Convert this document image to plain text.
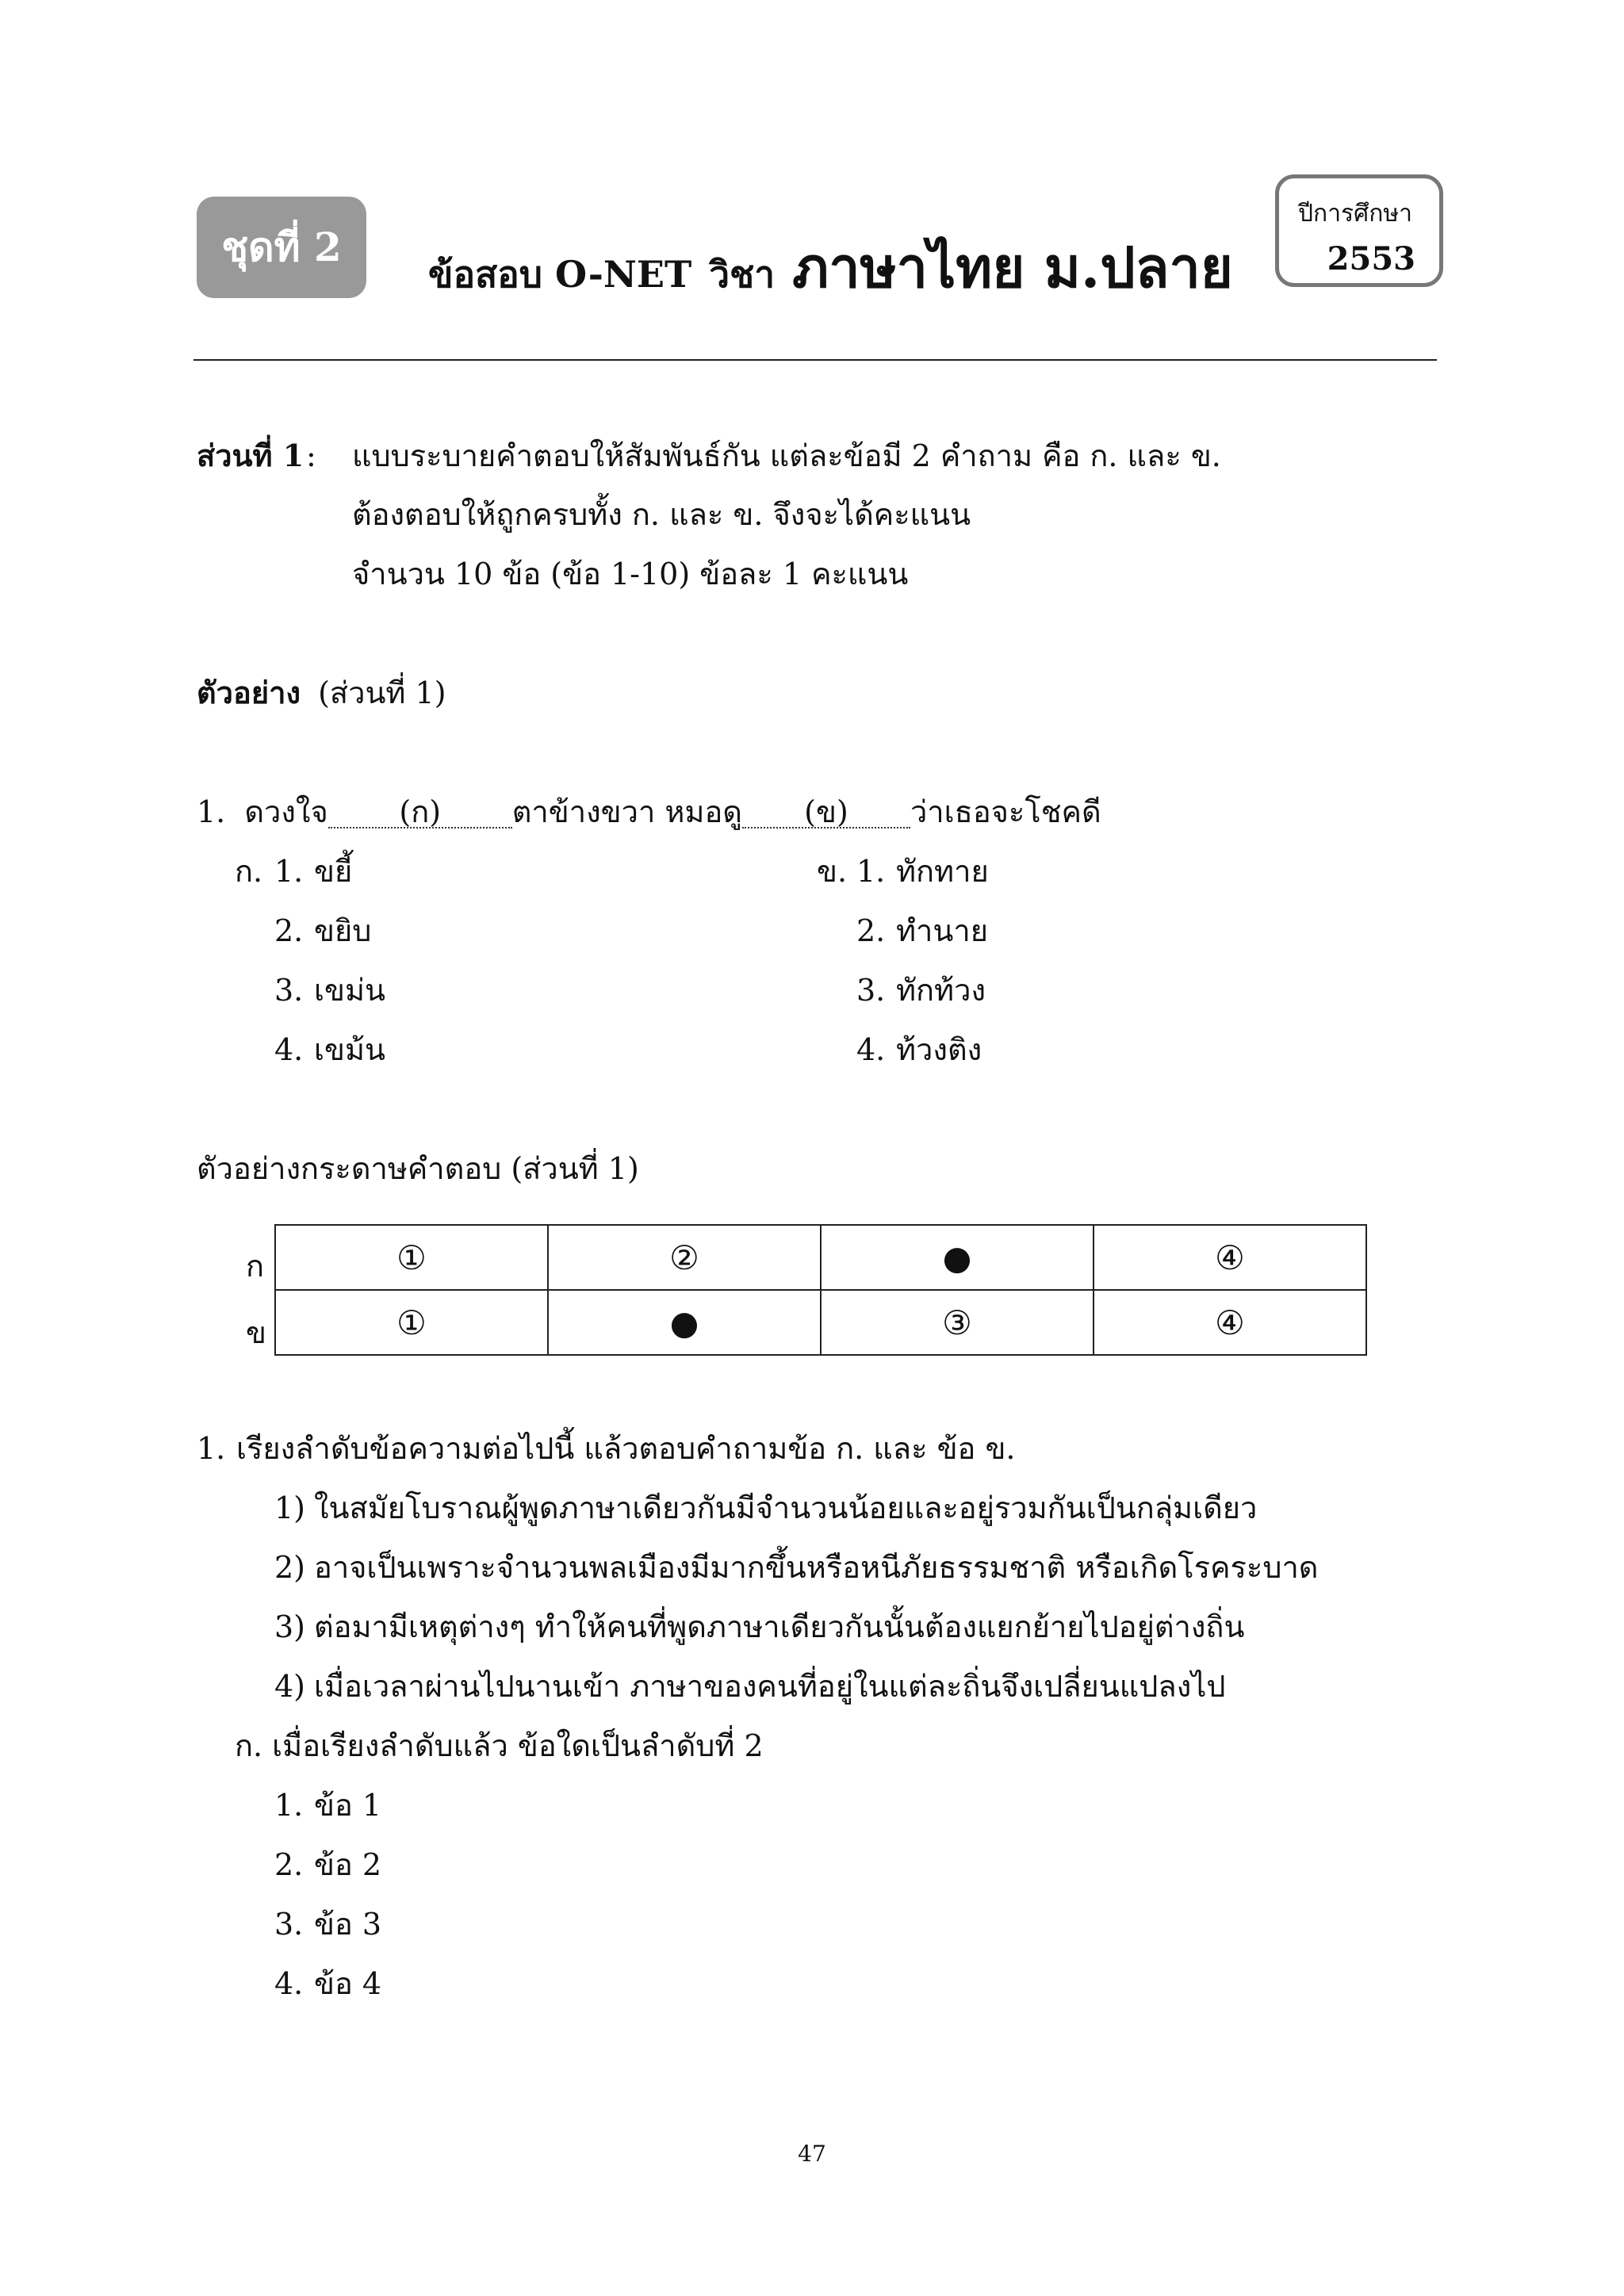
ชุดที่ 2
ข้อสอบ O-NET วิชา ภาษาไทย ม.ปลาย
ปีการศึกษา
2553
ส่วนที่ 1 : แบบระบายคำตอบให้สัมพันธ์กัน แต่ละข้อมี 2 คำถาม คือ ก. และ ข.
ต้องตอบให้ถูกครบทั้ง ก. และ ข. จึงจะได้คะแนน
จำนวน 10 ข้อ (ข้อ 1-10) ข้อละ 1 คะแนน
ตัวอย่าง (ส่วนที่ 1)
1. ดวงใจ (ก) ตาข้างขวา หมอดู (ข) ว่าเธอจะโชคดี
ก. 1. ขยี้
2. ขยิบ
3. เขม่น
4. เขม้น
ข. 1. ทักทาย
2. ทำนาย
3. ทักท้วง
4. ท้วงติง
ตัวอย่างกระดาษคำตอบ (ส่วนที่ 1)
ก
ข
①	②	●	④
①	●	③	④
1. เรียงลำดับข้อความต่อไปนี้ แล้วตอบคำถามข้อ ก. และ ข้อ ข.
1) ในสมัยโบราณผู้พูดภาษาเดียวกันมีจำนวนน้อยและอยู่รวมกันเป็นกลุ่มเดียว
2) อาจเป็นเพราะจำนวนพลเมืองมีมากขึ้นหรือหนีภัยธรรมชาติ หรือเกิดโรคระบาด
3) ต่อมามีเหตุต่างๆ ทำให้คนที่พูดภาษาเดียวกันนั้นต้องแยกย้ายไปอยู่ต่างถิ่น
4) เมื่อเวลาผ่านไปนานเข้า ภาษาของคนที่อยู่ในแต่ละถิ่นจึงเปลี่ยนแปลงไป
ก. เมื่อเรียงลำดับแล้ว ข้อใดเป็นลำดับที่ 2
1. ข้อ 1
2. ข้อ 2
3. ข้อ 3
4. ข้อ 4
47
